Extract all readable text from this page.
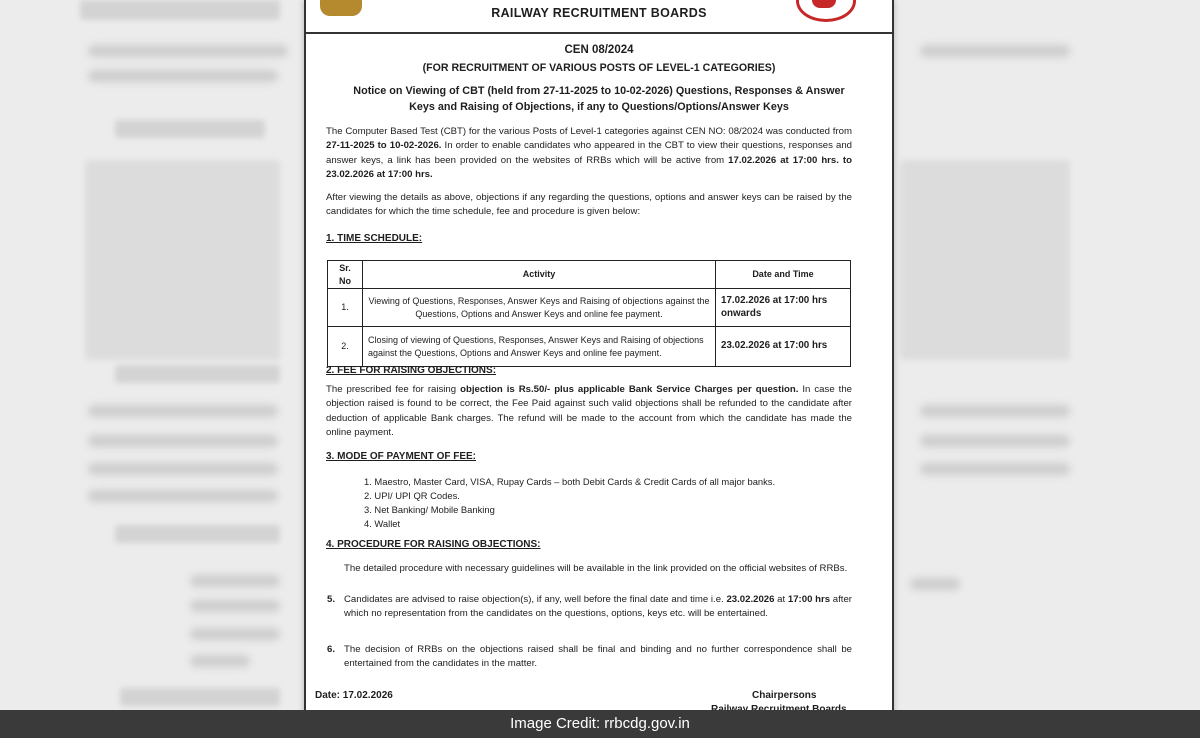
RAILWAY RECRUITMENT BOARDS
CEN 08/2024
(FOR RECRUITMENT OF VARIOUS POSTS OF LEVEL-1 CATEGORIES)
Notice on Viewing of CBT (held from 27-11-2025 to 10-02-2026) Questions, Responses & Answer
Keys and Raising of Objections, if any to Questions/Options/Answer Keys
The Computer Based Test (CBT) for the various Posts of Level-1 categories against CEN NO: 08/2024 was conducted from 27-11-2025 to 10-02-2026. In order to enable candidates who appeared in the CBT to view their questions, responses and answer keys, a link has been provided on the websites of RRBs which will be active from 17.02.2026 at 17:00 hrs. to 23.02.2026 at 17:00 hrs.
After viewing the details as above, objections if any regarding the questions, options and answer keys can be raised by the candidates for which the time schedule, fee and procedure is given below:
1. TIME SCHEDULE:
Sr. No	Activity	Date and Time
1.	Viewing of Questions, Responses, Answer Keys and Raising of objections against the Questions, Options and Answer Keys and online fee payment.	17.02.2026 at 17:00 hrs onwards
2.	Closing of viewing of Questions, Responses, Answer Keys and Raising of objections against the Questions, Options and Answer Keys and online fee payment.	23.02.2026 at 17:00 hrs
2. FEE FOR RAISING OBJECTIONS:
The prescribed fee for raising objection is Rs.50/- plus applicable Bank Service Charges per question. In case the objection raised is found to be correct, the Fee Paid against such valid objections shall be refunded to the candidate after deduction of applicable Bank charges. The refund will be made to the account from which the candidate has made the online payment.
3. MODE OF PAYMENT OF FEE:
1. Maestro, Master Card, VISA, Rupay Cards – both Debit Cards & Credit Cards of all major banks.
2. UPI/ UPI QR Codes.
3. Net Banking/ Mobile Banking
4. Wallet
4. PROCEDURE FOR RAISING OBJECTIONS:
The detailed procedure with necessary guidelines will be available in the link provided on the official websites of RRBs.
5. Candidates are advised to raise objection(s), if any, well before the final date and time i.e. 23.02.2026 at 17:00 hrs after which no representation from the candidates on the questions, options, keys etc. will be entertained.
6. The decision of RRBs on the objections raised shall be final and binding and no further correspondence shall be entertained from the candidates in the matter.
Date: 17.02.2026	Chairpersons
Image Credit: rrbcdg.gov.in
